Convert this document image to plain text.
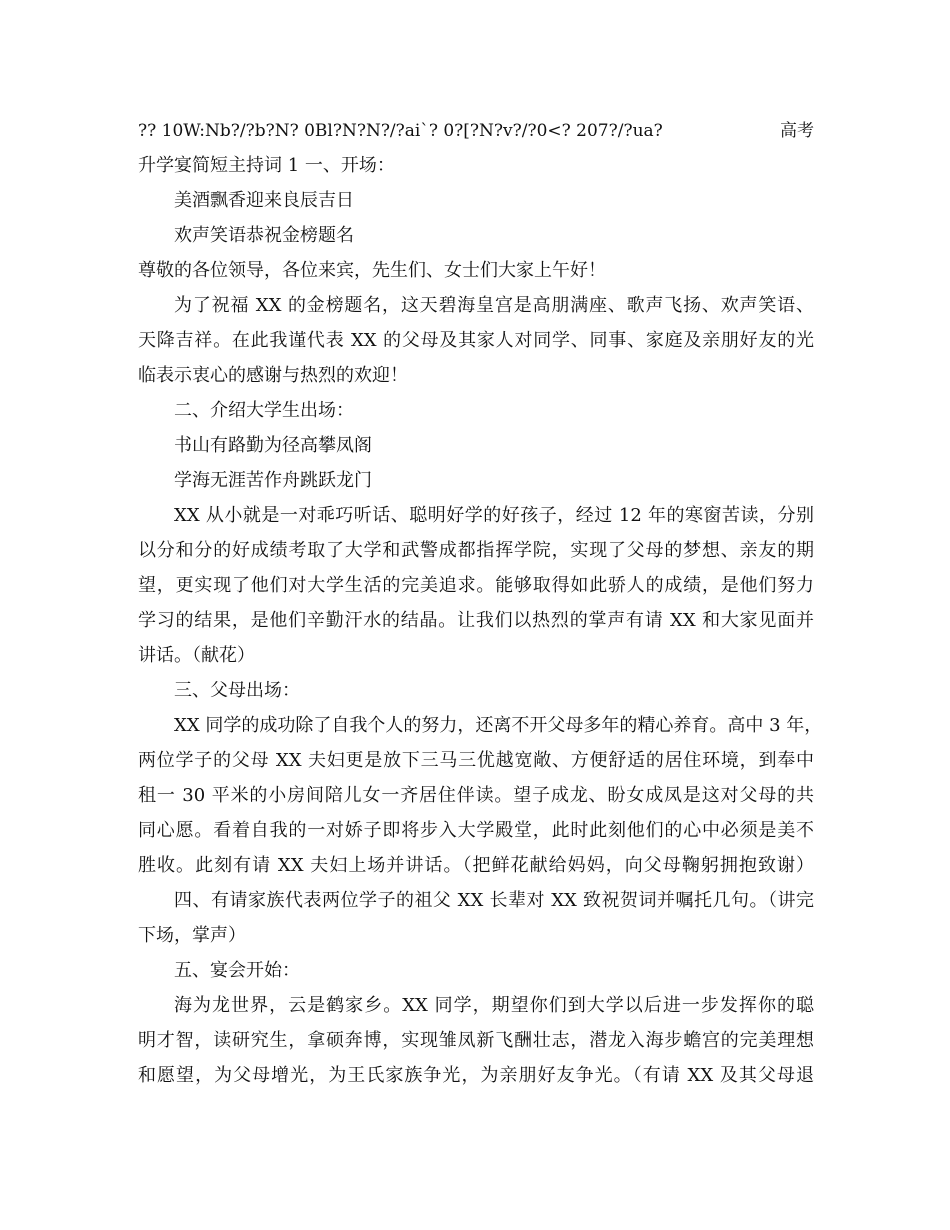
?? 10W:Nb?/?b?N? 0Bl?N?N?/?ai`? 0?[?N?v?/?0<? 207?/?ua?	高考
升学宴简短主持词 1 一、开场：
美酒飘香迎来良辰吉日
欢声笑语恭祝金榜题名
尊敬的各位领导，各位来宾，先生们、女士们大家上午好！
为了祝福 XX 的金榜题名，这天碧海皇宫是高朋满座、歌声飞扬、欢声笑语、
天降吉祥。在此我谨代表 XX 的父母及其家人对同学、同事、家庭及亲朋好友的光
临表示衷心的感谢与热烈的欢迎！
二、介绍大学生出场：
书山有路勤为径高攀凤阁
学海无涯苦作舟跳跃龙门
XX 从小就是一对乖巧听话、聪明好学的好孩子，经过 12 年的寒窗苦读，分别
以分和分的好成绩考取了大学和武警成都指挥学院，实现了父母的梦想、亲友的期
望，更实现了他们对大学生活的完美追求。能够取得如此骄人的成绩，是他们努力
学习的结果，是他们辛勤汗水的结晶。让我们以热烈的掌声有请 XX 和大家见面并
讲话。（献花）
三、父母出场：
XX 同学的成功除了自我个人的努力，还离不开父母多年的精心养育。高中 3 年，
两位学子的父母 XX 夫妇更是放下三马三优越宽敞、方便舒适的居住环境，到奉中
租一 30 平米的小房间陪儿女一齐居住伴读。望子成龙、盼女成凤是这对父母的共
同心愿。看着自我的一对娇子即将步入大学殿堂，此时此刻他们的心中必须是美不
胜收。此刻有请 XX 夫妇上场并讲话。（把鲜花献给妈妈，向父母鞠躬拥抱致谢）
四、有请家族代表两位学子的祖父 XX 长辈对 XX 致祝贺词并嘱托几句。（讲完
下场，掌声）
五、宴会开始：
海为龙世界，云是鹤家乡。XX 同学，期望你们到大学以后进一步发挥你的聪
明才智，读研究生，拿硕奔博，实现雏凤新飞酬壮志，潜龙入海步蟾宫的完美理想
和愿望，为父母增光，为王氏家族争光，为亲朋好友争光。（有请 XX 及其父母退
